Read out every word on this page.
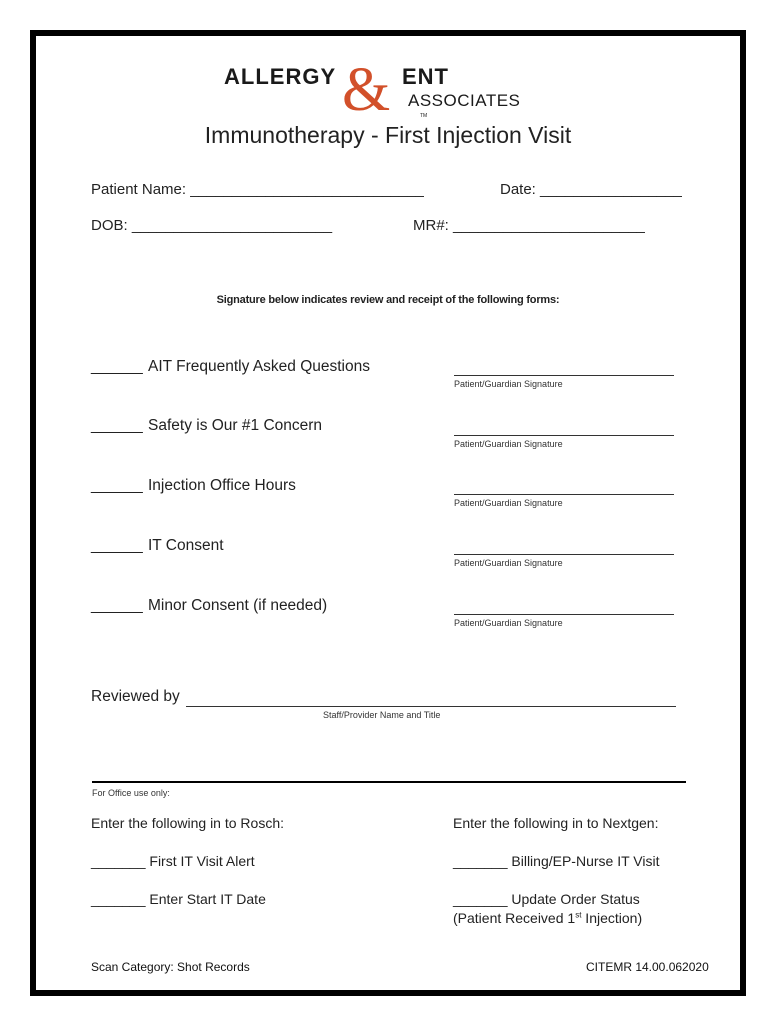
ALLERGY & ENT
ASSOCIATES
TM
Immunotherapy - First Injection Visit
Patient Name: ____________________________	Date: _________________
DOB: ________________________	MR#: _______________________
Signature below indicates review and receipt of the following forms:
______ AIT Frequently Asked Questions
Patient/Guardian Signature
______ Safety is Our #1 Concern
Patient/Guardian Signature
______ Injection Office Hours
Patient/Guardian Signature
______ IT Consent
Patient/Guardian Signature
______ Minor Consent (if needed)
Patient/Guardian Signature
Reviewed by
Staff/Provider Name and Title
For Office use only:
Enter the following in to Rosch:	Enter the following in to Nextgen:
_______ First IT Visit Alert	_______ Billing/EP-Nurse IT Visit
_______ Enter Start IT Date	_______ Update Order Status
(Patient Received 1st Injection)
Scan Category: Shot Records	CITEMR 14.00.062020
